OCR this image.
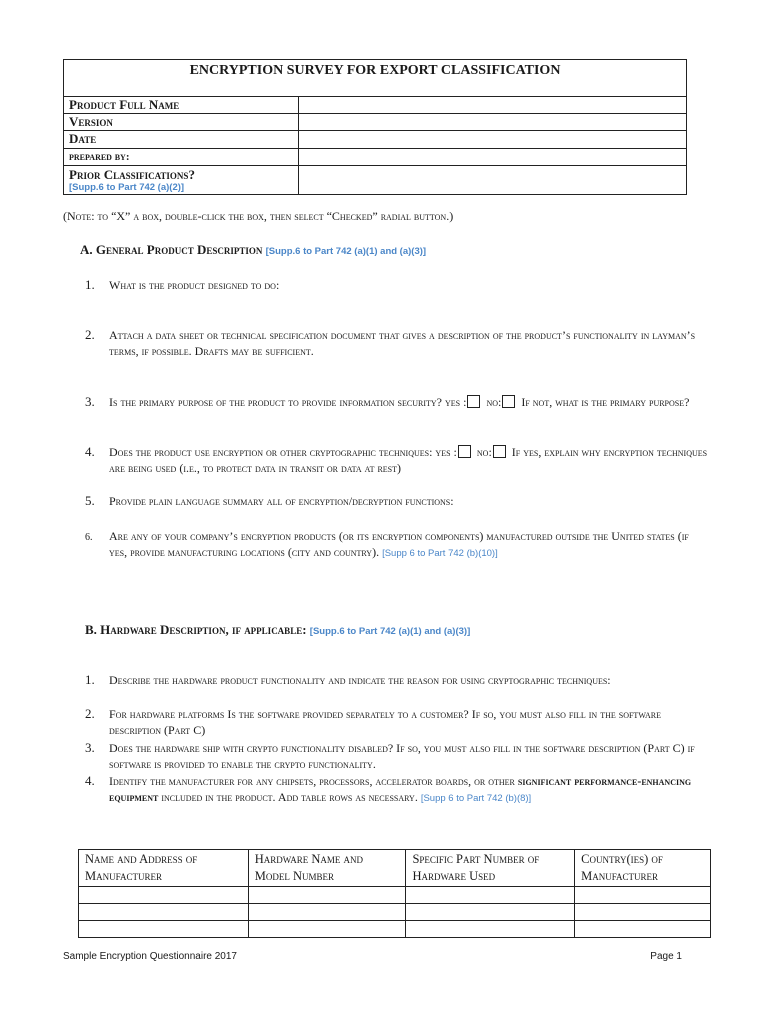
ENCRYPTION SURVEY FOR EXPORT CLASSIFICATION
Product Full Name
Version
Date
prepared by:
Prior Classifications?
[Supp.6 to Part 742 (a)(2)]
(Note: to “X” a box, double-click the box, then select “Checked” radial button.)
A. General Product Description [Supp.6 to Part 742 (a)(1) and (a)(3)]
1.	What is the product designed to do:
2.	Attach a data sheet or technical specification document that gives a description of the product’s functionality in layman’s terms, if possible. Drafts may be sufficient.
3.	Is the primary purpose of the product to provide information security? yes : no: If not, what is the primary purpose?
4.	Does the product use encryption or other cryptographic techniques: yes : no: If yes, explain why encryption techniques are being used (i.e., to protect data in transit or data at rest)
5.	Provide plain language summary all of encryption/decryption functions:
6.	Are any of your company’s encryption products (or its encryption components) manufactured outside the United states (if yes, provide manufacturing locations (city and country). [Supp 6 to Part 742 (b)(10)]
B. Hardware Description, if applicable: [Supp.6 to Part 742 (a)(1) and (a)(3)]
1.	Describe the hardware product functionality and indicate the reason for using cryptographic techniques:
2.	For hardware platforms Is the software provided separately to a customer? If so, you must also fill in the software description (Part C)
3.	Does the hardware ship with crypto functionality disabled? If so, you must also fill in the software description (Part C) if software is provided to enable the crypto functionality.
4.	Identify the manufacturer for any chipsets, processors, accelerator boards, or other significant performance-enhancing equipment included in the product. Add table rows as necessary. [Supp 6 to Part 742 (b)(8)]
Name and Address of Manufacturer	Hardware Name and Model Number	Specific Part Number of Hardware Used	Country(ies) of Manufacturer

Sample Encryption Questionnaire 2017	Page 1
